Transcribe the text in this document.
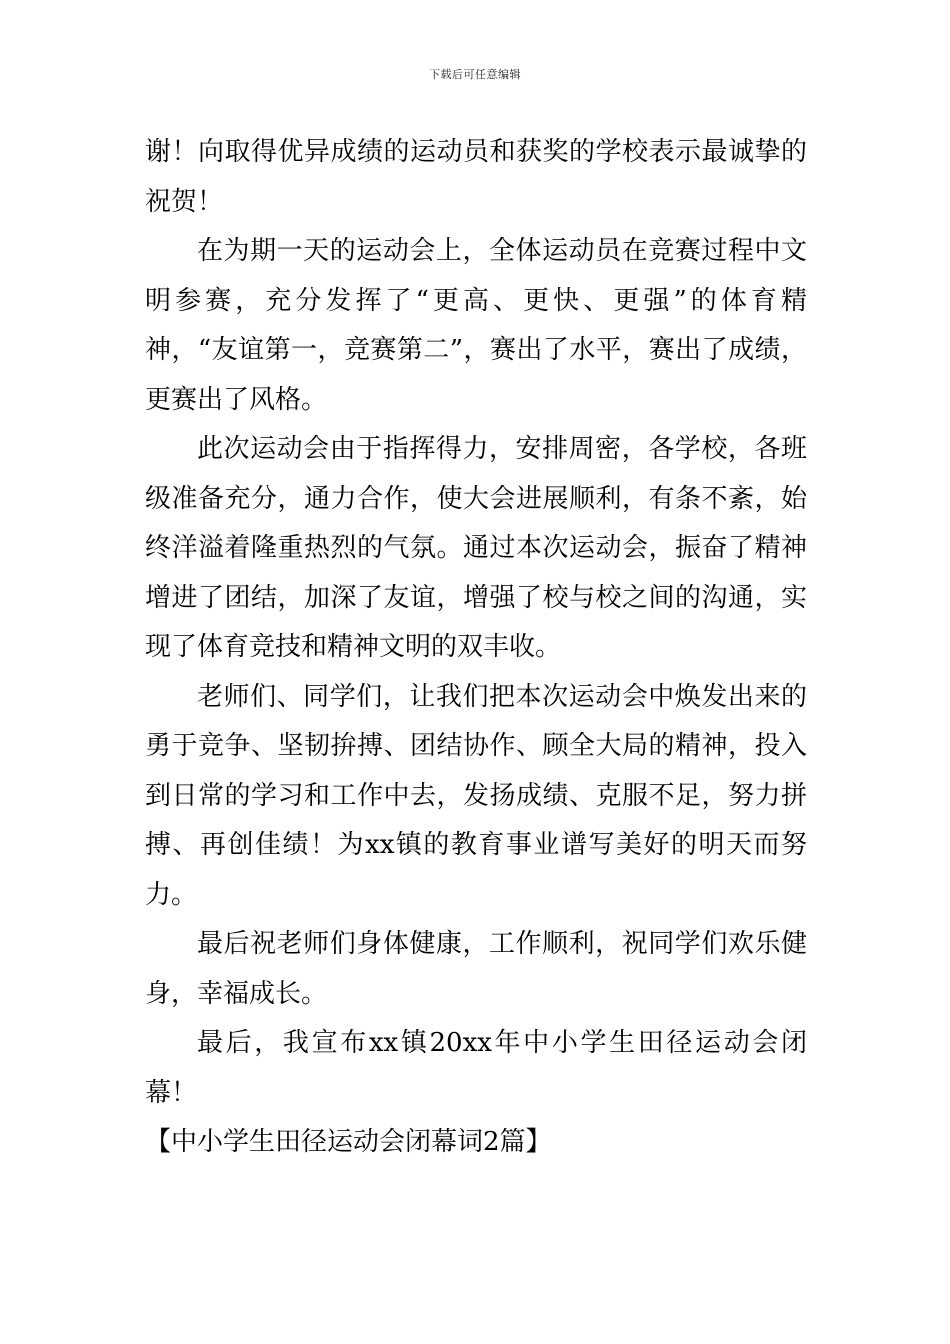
下载后可任意编辑

谢！向取得优异成绩的运动员和获奖的学校表示最诚挚的祝贺！

在为期一天的运动会上，全体运动员在竞赛过程中文明参赛，充分发挥了“更高、更快、更强”的体育精神，“友谊第一，竞赛第二”，赛出了水平，赛出了成绩，更赛出了风格。

此次运动会由于指挥得力，安排周密，各学校，各班级准备充分，通力合作，使大会进展顺利，有条不紊，始终洋溢着隆重热烈的气氛。通过本次运动会，振奋了精神增进了团结，加深了友谊，增强了校与校之间的沟通，实现了体育竞技和精神文明的双丰收。

老师们、同学们，让我们把本次运动会中焕发出来的勇于竞争、坚韧拚搏、团结协作、顾全大局的精神，投入到日常的学习和工作中去，发扬成绩、克服不足，努力拼搏、再创佳绩！为xx镇的教育事业谱写美好的明天而努力。

最后祝老师们身体健康，工作顺利，祝同学们欢乐健身，幸福成长。

最后，我宣布xx镇20xx年中小学生田径运动会闭幕！

【中小学生田径运动会闭幕词2篇】
